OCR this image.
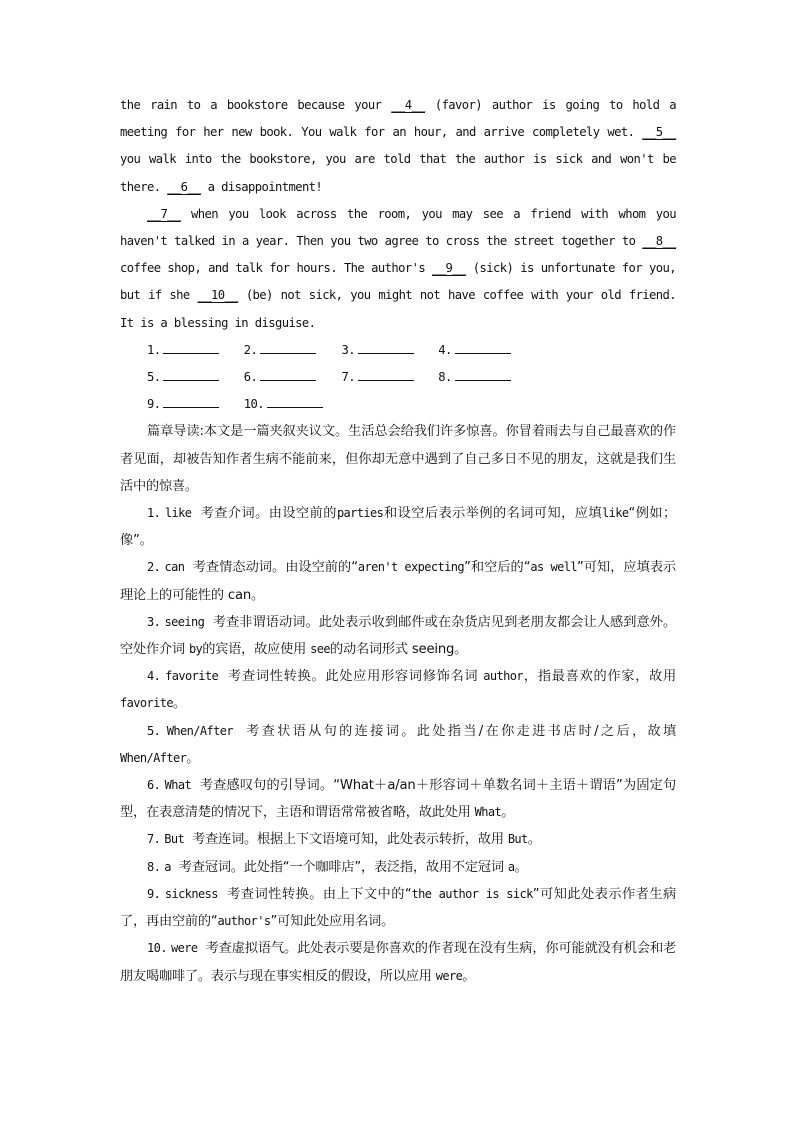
the rain to a bookstore because your __4__ (favor) author is going to hold a meeting for her new book. You walk for an hour, and arrive completely wet. __5__ you walk into the bookstore, you are told that the author is sick and won't be there. __6__ a disappointment!

__7__ when you look across the room, you may see a friend with whom you haven't talked in a year. Then you two agree to cross the street together to __8__ coffee shop, and talk for hours. The author's __9__ (sick) is unfortunate for you, but if she __10__ (be) not sick, you might not have coffee with your old friend. It is a blessing in disguise.

1.	2.	3.	4.
5.	6.	7.	8.
9.	10.

篇章导读:本文是一篇夹叙夹议文。生活总会给我们许多惊喜。你冒着雨去与自己最喜欢的作者见面，却被告知作者生病不能前来，但你却无意中遇到了自己多日不见的朋友，这就是我们生活中的惊喜。

1. like 考查介词。由设空前的parties和设空后表示举例的名词可知，应填like“例如；像”。

2. can 考查情态动词。由设空前的“aren't expecting”和空后的“as well”可知，应填表示理论上的可能性的 can。

3. seeing 考查非谓语动词。此处表示收到邮件或在杂货店见到老朋友都会让人感到意外。空处作介词 by的宾语，故应使用 see的动名词形式 seeing。

4. favorite 考查词性转换。此处应用形容词修饰名词 author，指最喜欢的作家，故用 favorite。

5. When/After 考查状语从句的连接词。此处指当/在你走进书店时/之后，故填 When/After。

6. What 考查感叹句的引导词。“What＋a/an＋形容词＋单数名词＋主语＋谓语”为固定句型，在表意清楚的情况下，主语和谓语常常被省略，故此处用 What。

7. But 考查连词。根据上下文语境可知，此处表示转折，故用 But。

8. a 考查冠词。此处指“一个咖啡店”，表泛指，故用不定冠词 a。

9. sickness 考查词性转换。由上下文中的“the author is sick”可知此处表示作者生病了，再由空前的“author's”可知此处应用名词。

10. were 考查虚拟语气。此处表示要是你喜欢的作者现在没有生病，你可能就没有机会和老朋友喝咖啡了。表示与现在事实相反的假设，所以应用 were。
